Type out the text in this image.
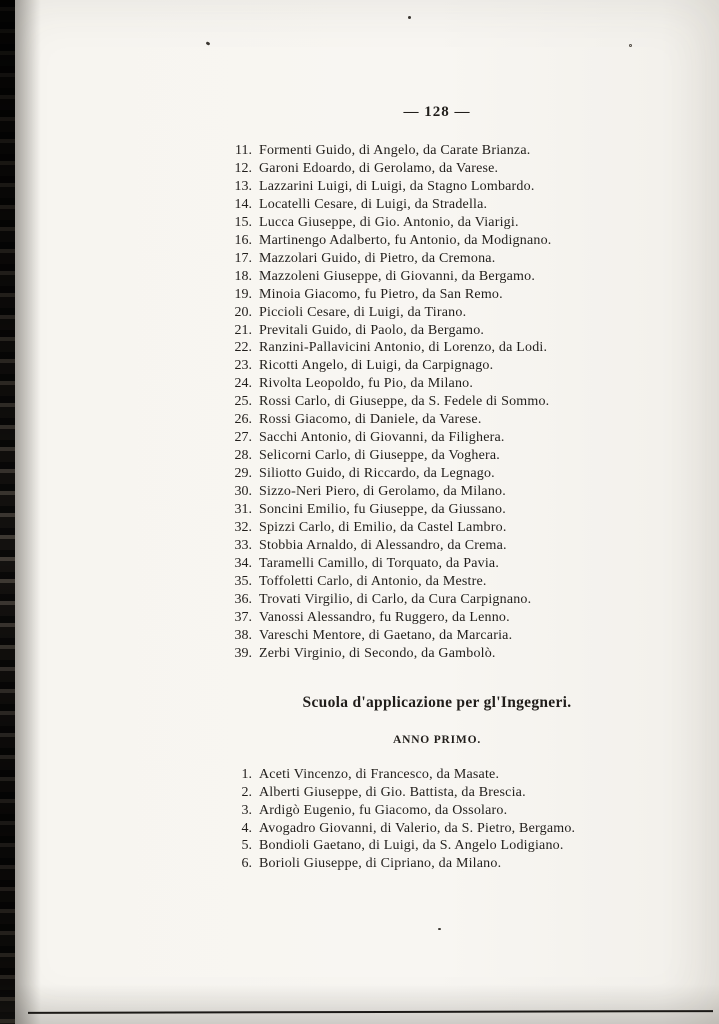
— 128 —
11. Formenti Guido, di Angelo, da Carate Brianza.
12. Garoni Edoardo, di Gerolamo, da Varese.
13. Lazzarini Luigi, di Luigi, da Stagno Lombardo.
14. Locatelli Cesare, di Luigi, da Stradella.
15. Lucca Giuseppe, di Gio. Antonio, da Viarigi.
16. Martinengo Adalberto, fu Antonio, da Modignano.
17. Mazzolari Guido, di Pietro, da Cremona.
18. Mazzoleni Giuseppe, di Giovanni, da Bergamo.
19. Minoia Giacomo, fu Pietro, da San Remo.
20. Piccioli Cesare, di Luigi, da Tirano.
21. Previtali Guido, di Paolo, da Bergamo.
22. Ranzini-Pallavicini Antonio, di Lorenzo, da Lodi.
23. Ricotti Angelo, di Luigi, da Carpignago.
24. Rivolta Leopoldo, fu Pio, da Milano.
25. Rossi Carlo, di Giuseppe, da S. Fedele di Sommo.
26. Rossi Giacomo, di Daniele, da Varese.
27. Sacchi Antonio, di Giovanni, da Filighera.
28. Selicorni Carlo, di Giuseppe, da Voghera.
29. Siliotto Guido, di Riccardo, da Legnago.
30. Sizzo-Neri Piero, di Gerolamo, da Milano.
31. Soncini Emilio, fu Giuseppe, da Giussano.
32. Spizzi Carlo, di Emilio, da Castel Lambro.
33. Stobbia Arnaldo, di Alessandro, da Crema.
34. Taramelli Camillo, di Torquato, da Pavia.
35. Toffoletti Carlo, di Antonio, da Mestre.
36. Trovati Virgilio, di Carlo, da Cura Carpignano.
37. Vanossi Alessandro, fu Ruggero, da Lenno.
38. Vareschi Mentore, di Gaetano, da Marcaria.
39. Zerbi Virginio, di Secondo, da Gambolò.
Scuola d'applicazione per gl'Ingegneri.
ANNO PRIMO.
1. Aceti Vincenzo, di Francesco, da Masate.
2. Alberti Giuseppe, di Gio. Battista, da Brescia.
3. Ardigò Eugenio, fu Giacomo, da Ossolaro.
4. Avogadro Giovanni, di Valerio, da S. Pietro, Bergamo.
5. Bondioli Gaetano, di Luigi, da S. Angelo Lodigiano.
6. Borioli Giuseppe, di Cipriano, da Milano.
